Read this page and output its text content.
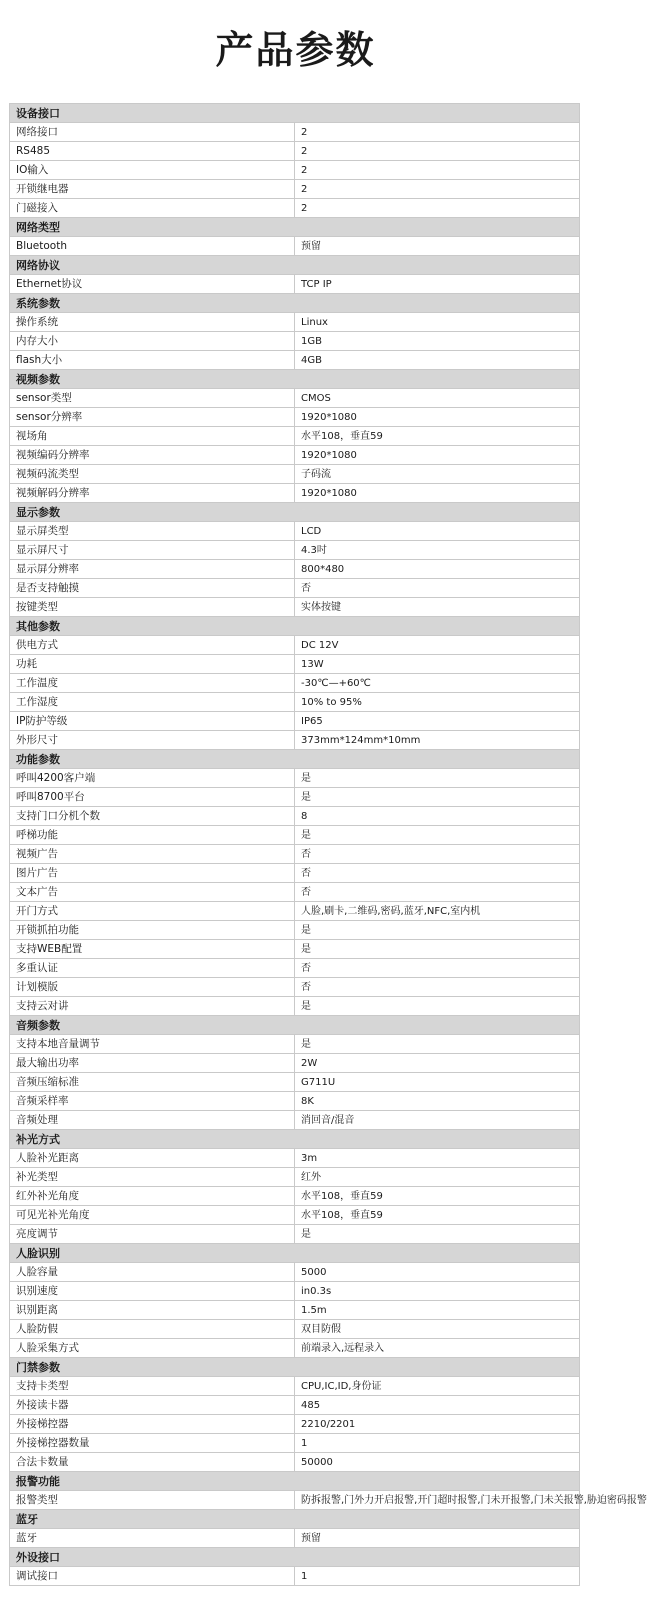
产品参数
设备接口	
网络接口	2
RS485	2
IO输入	2
开锁继电器	2
门磁接入	2
网络类型	
Bluetooth	预留
网络协议	
Ethernet协议	TCP IP
系统参数	
操作系统	Linux
内存大小	1GB
flash大小	4GB
视频参数	
sensor类型	CMOS
sensor分辨率	1920*1080
视场角	水平108，垂直59
视频编码分辨率	1920*1080
视频码流类型	子码流
视频解码分辨率	1920*1080
显示参数	
显示屏类型	LCD
显示屏尺寸	4.3吋
显示屏分辨率	800*480
是否支持触摸	否
按键类型	实体按键
其他参数	
供电方式	DC 12V
功耗	13W
工作温度	-30℃—+60℃
工作湿度	10% to 95%
IP防护等级	IP65
外形尺寸	373mm*124mm*10mm
功能参数	
呼叫4200客户端	是
呼叫8700平台	是
支持门口分机个数	8
呼梯功能	是
视频广告	否
图片广告	否
文本广告	否
开门方式	人脸,刷卡,二维码,密码,蓝牙,NFC,室内机
开锁抓拍功能	是
支持WEB配置	是
多重认证	否
计划模版	否
支持云对讲	是
音频参数	
支持本地音量调节	是
最大输出功率	2W
音频压缩标准	G711U
音频采样率	8K
音频处理	消回音/混音
补光方式	
人脸补光距离	3m
补光类型	红外
红外补光角度	水平108，垂直59
可见光补光角度	水平108，垂直59
亮度调节	是
人脸识别	
人脸容量	5000
识别速度	in0.3s
识别距离	1.5m
人脸防假	双目防假
人脸采集方式	前端录入,远程录入
门禁参数	
支持卡类型	CPU,IC,ID,身份证
外接读卡器	485
外接梯控器	2210/2201
外接梯控器数量	1
合法卡数量	50000
报警功能	
报警类型	防拆报警,门外力开启报警,开门超时报警,门未开报警,门未关报警,胁迫密码报警
蓝牙	
蓝牙	预留
外设接口	
调试接口	1
